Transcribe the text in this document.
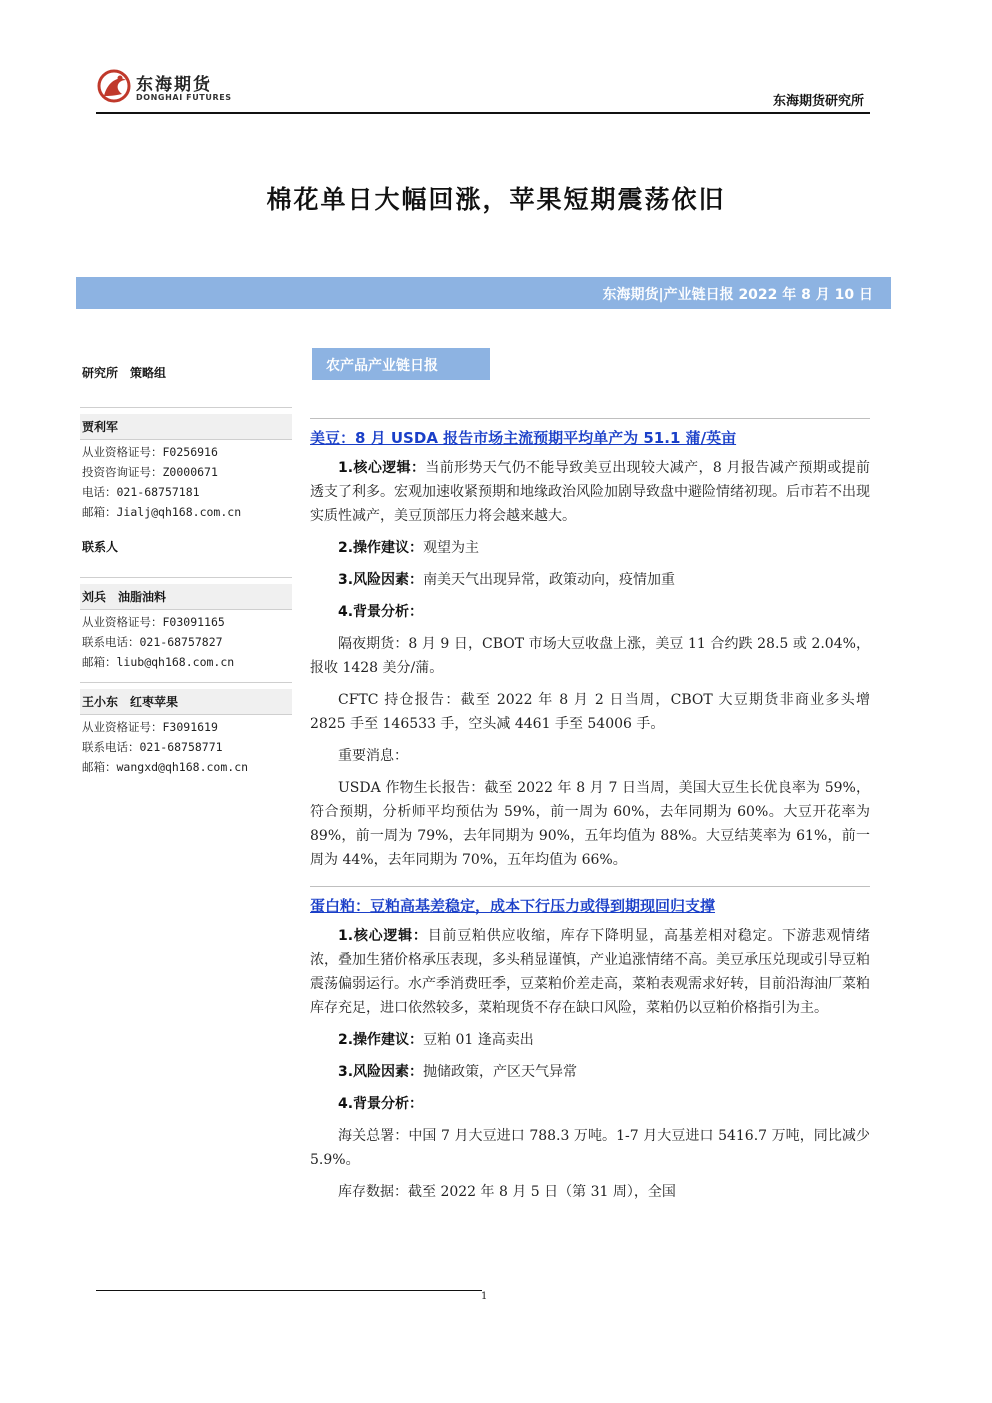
东海期货
DONGHAI FUTURES	东海期货研究所
棉花单日大幅回涨，苹果短期震荡依旧
东海期货|产业链日报 2022 年 8 月 10 日
研究所　策略组
贾利军
从业资格证号：F0256916
投资咨询证号：Z0000671
电话：021-68757181
邮箱：Jialj@qh168.com.cn
联系人
刘兵　油脂油料
从业资格证号：F03091165
联系电话：021-68757827
邮箱：liub@qh168.com.cn
王小东　红枣苹果
从业资格证号：F3091619
联系电话：021-68758771
邮箱：wangxd@qh168.com.cn
农产品产业链日报
美豆：8 月 USDA 报告市场主流预期平均单产为 51.1 蒲/英亩

1.核心逻辑：当前形势天气仍不能导致美豆出现较大减产，8 月报告减产预期或提前透支了利多。宏观加速收紧预期和地缘政治风险加剧导致盘中避险情绪初现。后市若不出现实质性减产，美豆顶部压力将会越来越大。

2.操作建议：观望为主

3.风险因素：南美天气出现异常，政策动向，疫情加重

4.背景分析：

隔夜期货：8 月 9 日，CBOT 市场大豆收盘上涨，美豆 11 合约跌 28.5 或 2.04%，报收 1428 美分/蒲。

CFTC 持仓报告：截至 2022 年 8 月 2 日当周，CBOT 大豆期货非商业多头增 2825 手至 146533 手，空头减 4461 手至 54006 手。

重要消息：

USDA 作物生长报告：截至 2022 年 8 月 7 日当周，美国大豆生长优良率为 59%，符合预期，分析师平均预估为 59%，前一周为 60%，去年同期为 60%。大豆开花率为 89%，前一周为 79%，去年同期为 90%，五年均值为 88%。大豆结荚率为 61%，前一周为 44%，去年同期为 70%，五年均值为 66%。

蛋白粕：豆粕高基差稳定，成本下行压力或得到期现回归支撑

1.核心逻辑：目前豆粕供应收缩，库存下降明显，高基差相对稳定。下游悲观情绪浓，叠加生猪价格承压表现，多头稍显谨慎，产业追涨情绪不高。美豆承压兑现或引导豆粕震荡偏弱运行。水产季消费旺季，豆菜粕价差走高，菜粕表观需求好转，目前沿海油厂菜粕库存充足，进口依然较多，菜粕现货不存在缺口风险，菜粕仍以豆粕价格指引为主。

2.操作建议：豆粕 01 逢高卖出

3.风险因素：抛储政策，产区天气异常

4.背景分析：

海关总署：中国 7 月大豆进口 788.3 万吨。1-7 月大豆进口 5416.7 万吨，同比减少 5.9%。

库存数据：截至 2022 年 8 月 5 日（第 31 周），全国

1
